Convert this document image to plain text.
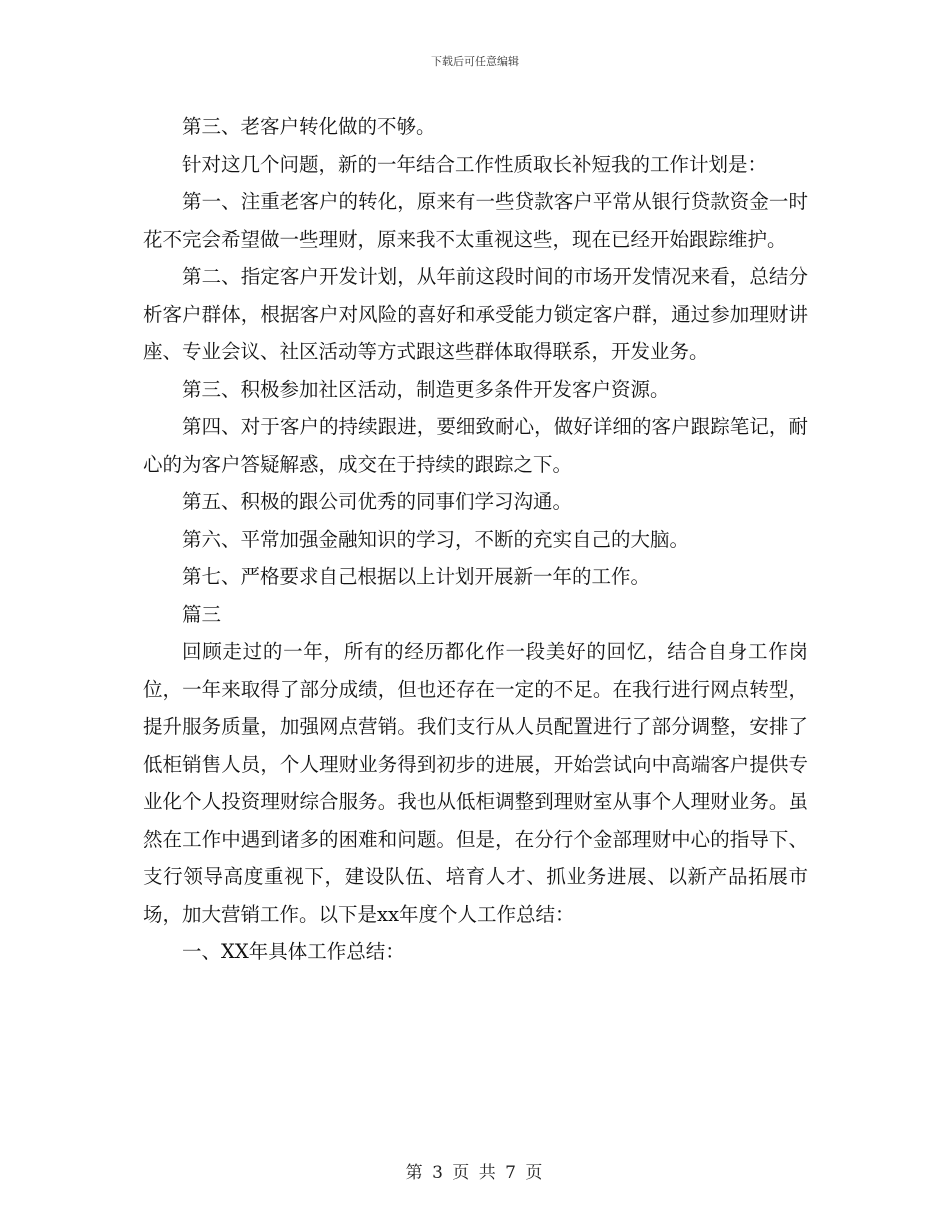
下载后可任意编辑

第三、老客户转化做的不够。

针对这几个问题，新的一年结合工作性质取长补短我的工作计划是：

第一、注重老客户的转化，原来有一些贷款客户平常从银行贷款资金一时花不完会希望做一些理财，原来我不太重视这些，现在已经开始跟踪维护。

第二、指定客户开发计划，从年前这段时间的市场开发情况来看，总结分析客户群体，根据客户对风险的喜好和承受能力锁定客户群，通过参加理财讲座、专业会议、社区活动等方式跟这些群体取得联系，开发业务。

第三、积极参加社区活动，制造更多条件开发客户资源。

第四、对于客户的持续跟进，要细致耐心，做好详细的客户跟踪笔记，耐心的为客户答疑解惑，成交在于持续的跟踪之下。

第五、积极的跟公司优秀的同事们学习沟通。

第六、平常加强金融知识的学习，不断的充实自己的大脑。

第七、严格要求自己根据以上计划开展新一年的工作。

篇三

回顾走过的一年，所有的经历都化作一段美好的回忆，结合自身工作岗位，一年来取得了部分成绩，但也还存在一定的不足。在我行进行网点转型，提升服务质量，加强网点营销。我们支行从人员配置进行了部分调整，安排了低柜销售人员，个人理财业务得到初步的进展，开始尝试向中高端客户提供专业化个人投资理财综合服务。我也从低柜调整到理财室从事个人理财业务。虽然在工作中遇到诸多的困难和问题。但是，在分行个金部理财中心的指导下、支行领导高度重视下，建设队伍、培育人才、抓业务进展、以新产品拓展市场，加大营销工作。以下是xx年度个人工作总结：

一、XX年具体工作总结：

第 3 页 共 7 页
